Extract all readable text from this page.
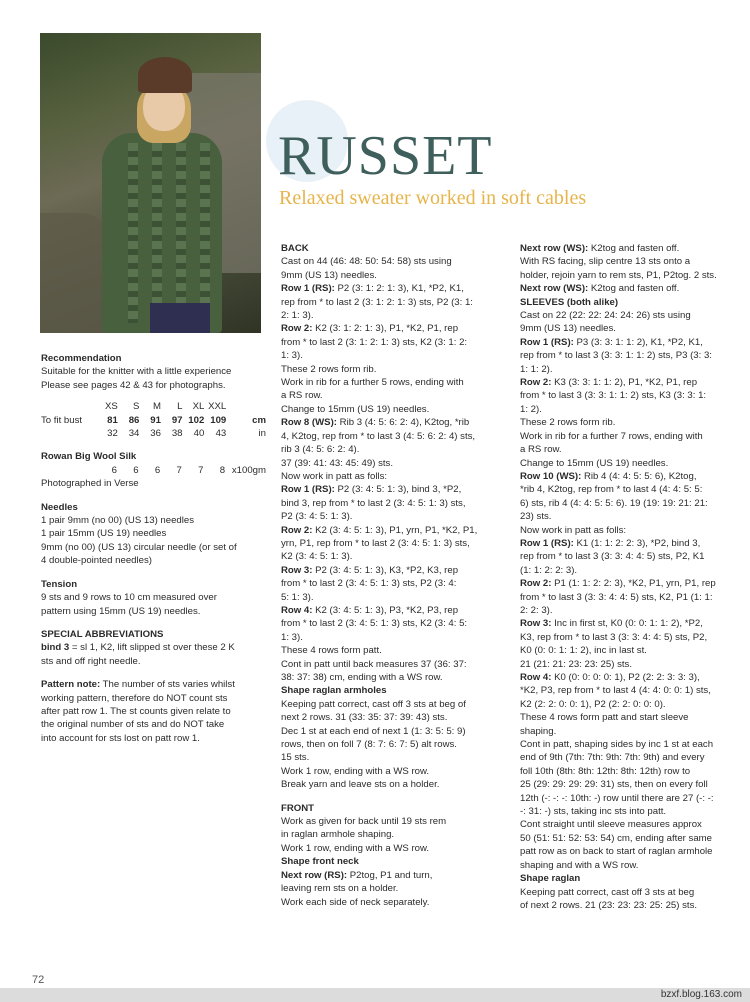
RUSSET

Relaxed sweater worked in soft cables

Recommendation

Suitable for the knitter with a little experience

Please see pages 42 & 43 for photographs.

	XS	S	M	L	XL	XXL	
To fit bust	81	86	91	97	102	109	cm
	32	34	36	38	40	43	in

Rowan Big Wool Silk

	6	6	6	7	7	8	x100gm

Photographed in Verse

Needles

1 pair 9mm (no 00) (US 13) needles

1 pair 15mm (US 19) needles

9mm (no 00) (US 13) circular needle (or set of

4 double-pointed needles)

Tension

9 sts and 9 rows to 10 cm measured over

pattern using 15mm (US 19) needles.

SPECIAL ABBREVIATIONS

bind 3 = sl 1, K2, lift slipped st over these 2 K

sts and off right needle.

Pattern note: The number of sts varies whilst

working pattern, therefore do NOT count sts

after patt row 1. The st counts given relate to

the original number of sts and do NOT take

into account for sts lost on patt row 1.

BACK

Cast on 44 (46: 48: 50: 54: 58) sts using

9mm (US 13) needles.

Row 1 (RS): P2 (3: 1: 2: 1: 3), K1, *P2, K1,

rep from * to last 2 (3: 1: 2: 1: 3) sts, P2 (3: 1:

2: 1: 3).

Row 2: K2 (3: 1: 2: 1: 3), P1, *K2, P1, rep

from * to last 2 (3: 1: 2: 1: 3) sts, K2 (3: 1: 2:

1: 3).

These 2 rows form rib.

Work in rib for a further 5 rows, ending with

a RS row.

Change to 15mm (US 19) needles.

Row 8 (WS): Rib 3 (4: 5: 6: 2: 4), K2tog, *rib

4, K2tog, rep from * to last 3 (4: 5: 6: 2: 4) sts,

rib 3 (4: 5: 6: 2: 4).

37 (39: 41: 43: 45: 49) sts.

Now work in patt as folls:

Row 1 (RS): P2 (3: 4: 5: 1: 3), bind 3, *P2,

bind 3, rep from * to last 2 (3: 4: 5: 1: 3) sts,

P2 (3: 4: 5: 1: 3).

Row 2: K2 (3: 4: 5: 1: 3), P1, yrn, P1, *K2, P1,

yrn, P1, rep from * to last 2 (3: 4: 5: 1: 3) sts,

K2 (3: 4: 5: 1: 3).

Row 3: P2 (3: 4: 5: 1: 3), K3, *P2, K3, rep

from * to last 2 (3: 4: 5: 1: 3) sts, P2 (3: 4:

5: 1: 3).

Row 4: K2 (3: 4: 5: 1: 3), P3, *K2, P3, rep

from * to last 2 (3: 4: 5: 1: 3) sts, K2 (3: 4: 5:

1: 3).

These 4 rows form patt.

Cont in patt until back measures 37 (36: 37:

38: 37: 38) cm, ending with a WS row.

Shape raglan armholes

Keeping patt correct, cast off 3 sts at beg of

next 2 rows. 31 (33: 35: 37: 39: 43) sts.

Dec 1 st at each end of next 1 (1: 3: 5: 5: 9)

rows, then on foll 7 (8: 7: 6: 7: 5) alt rows.

15 sts.

Work 1 row, ending with a WS row.

Break yarn and leave sts on a holder.

FRONT

Work as given for back until 19 sts rem

in raglan armhole shaping.

Work 1 row, ending with a WS row.

Shape front neck

Next row (RS): P2tog, P1 and turn,

leaving rem sts on a holder.

Work each side of neck separately.

Next row (WS): K2tog and fasten off.

With RS facing, slip centre 13 sts onto a

holder, rejoin yarn to rem sts, P1, P2tog. 2 sts.

Next row (WS): K2tog and fasten off.

SLEEVES (both alike)

Cast on 22 (22: 22: 24: 24: 26) sts using

9mm (US 13) needles.

Row 1 (RS): P3 (3: 3: 1: 1: 2), K1, *P2, K1,

rep from * to last 3 (3: 3: 1: 1: 2) sts, P3 (3: 3:

1: 1: 2).

Row 2: K3 (3: 3: 1: 1: 2), P1, *K2, P1, rep

from * to last 3 (3: 3: 1: 1: 2) sts, K3 (3: 3: 1:

1: 2).

These 2 rows form rib.

Work in rib for a further 7 rows, ending with

a RS row.

Change to 15mm (US 19) needles.

Row 10 (WS): Rib 4 (4: 4: 5: 5: 6), K2tog,

*rib 4, K2tog, rep from * to last 4 (4: 4: 5: 5:

6) sts, rib 4 (4: 4: 5: 5: 6). 19 (19: 19: 21: 21:

23) sts.

Now work in patt as folls:

Row 1 (RS): K1 (1: 1: 2: 2: 3), *P2, bind 3,

rep from * to last 3 (3: 3: 4: 4: 5) sts, P2, K1

(1: 1: 2: 2: 3).

Row 2: P1 (1: 1: 2: 2: 3), *K2, P1, yrn, P1, rep

from * to last 3 (3: 3: 4: 4: 5) sts, K2, P1 (1: 1:

2: 2: 3).

Row 3: Inc in first st, K0 (0: 0: 1: 1: 2), *P2,

K3, rep from * to last 3 (3: 3: 4: 4: 5) sts, P2,

K0 (0: 0: 1: 1: 2), inc in last st.

21 (21: 21: 23: 23: 25) sts.

Row 4: K0 (0: 0: 0: 0: 1), P2 (2: 2: 3: 3: 3),

*K2, P3, rep from * to last 4 (4: 4: 0: 0: 1) sts,

K2 (2: 2: 0: 0: 1), P2 (2: 2: 0: 0: 0).

These 4 rows form patt and start sleeve

shaping.

Cont in patt, shaping sides by inc 1 st at each

end of 9th (7th: 7th: 9th: 7th: 9th) and every

foll 10th (8th: 8th: 12th: 8th: 12th) row to

25 (29: 29: 29: 29: 31) sts, then on every foll

12th (-: -: -: 10th: -) row until there are 27 (-: -:

-: 31: -) sts, taking inc sts into patt.

Cont straight until sleeve measures approx

50 (51: 51: 52: 53: 54) cm, ending after same

patt row as on back to start of raglan armhole

shaping and with a WS row.

Shape raglan

Keeping patt correct, cast off 3 sts at beg

of next 2 rows. 21 (23: 23: 23: 25: 25) sts.

72
bzxf.blog.163.com
